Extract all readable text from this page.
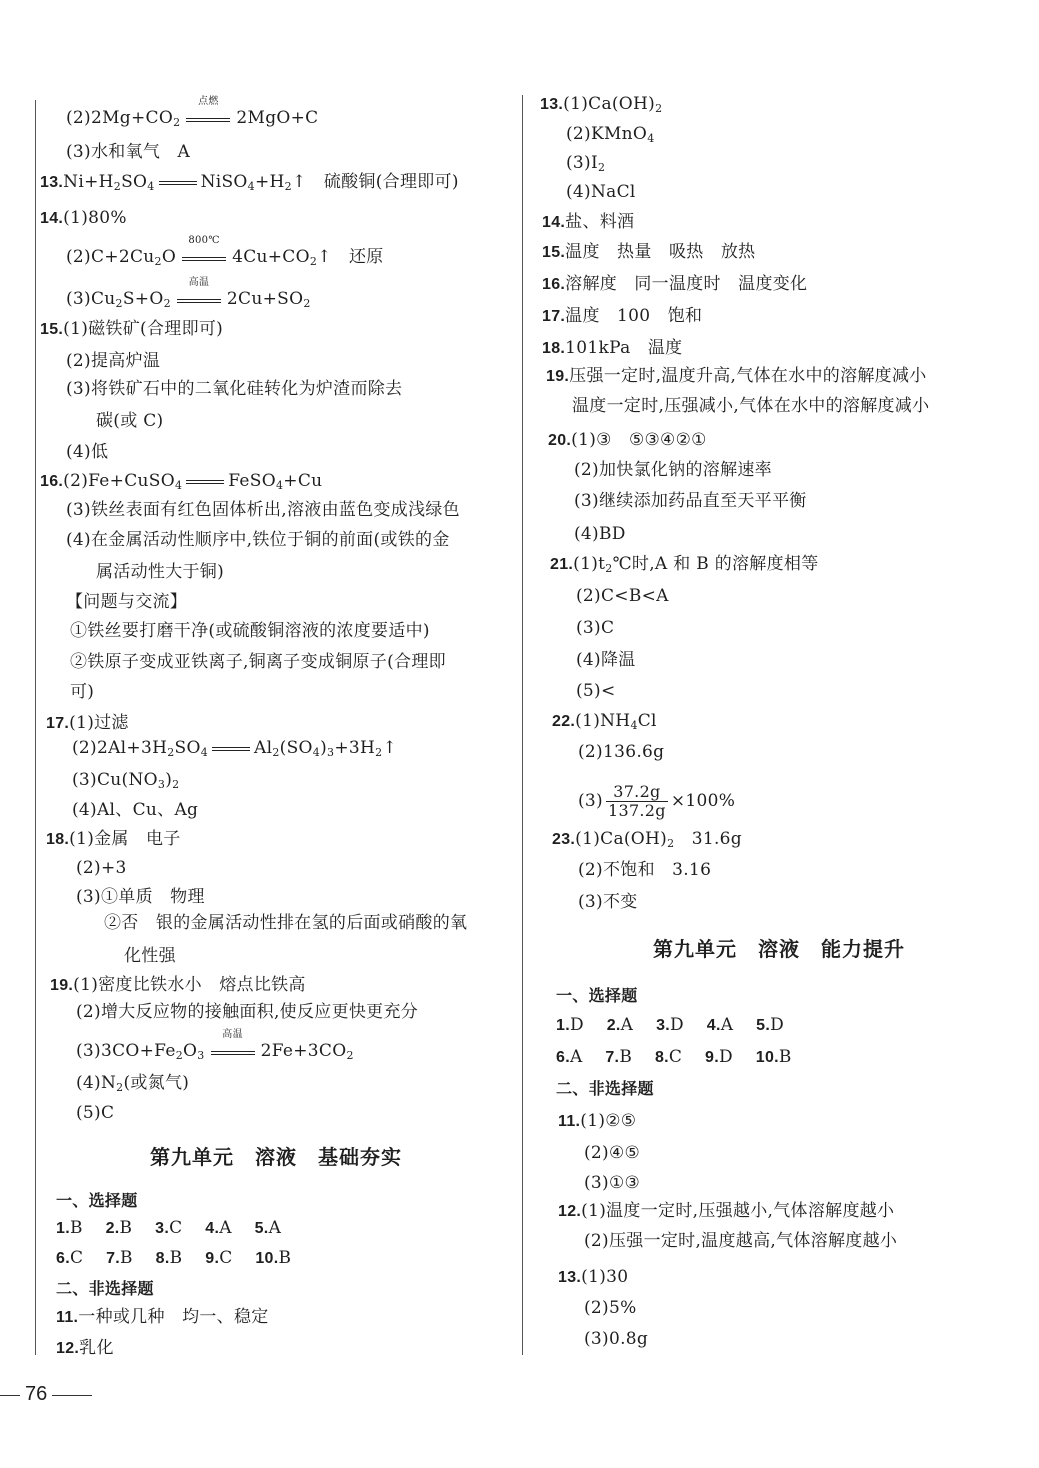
$(2)2Mg+CO_2$
点燃
2MgO+C
(3)水和氧气　A
$13.Ni+H_2SO_4$	$NiSO_4+H_2↑$　硫酸铜(合理即可)
14.(1)80%
$(2)C+2Cu_2O$
800℃
$4Cu+CO_2↑$　还原
$(3)Cu_2S+O_2$
高温
$2Cu+SO_2$
15.(1)磁铁矿(合理即可)
(2)提高炉温
(3)将铁矿石中的二氧化硅转化为炉渣而除去
碳(或 C)
(4)低
16.(2)Fe+CuSO$_4$	FeSO$_4$+Cu
(3)铁丝表面有红色固体析出,溶液由蓝色变成浅绿色
(4)在金属活动性顺序中,铁位于铜的前面(或铁的金
属活动性大于铜)
【问题与交流】
①铁丝要打磨干净(或硫酸铜溶液的浓度要适中)
②铁原子变成亚铁离子,铜离子变成铜原子(合理即
可)
17.(1)过滤
$(2)2Al+3H_2SO_4$	$Al_2(SO_4)_3+3H_2↑$
$(3)Cu(NO_3)_2$
(4)Al、Cu、Ag
18.(1)金属　电子
(2)+3
(3)①单质　物理
②否　银的金属活动性排在氢的后面或硝酸的氧
化性强
19.(1)密度比铁水小　熔点比铁高
(2)增大反应物的接触面积,使反应更快更充分
$(3)3CO+Fe_2O_3$
高温
$2Fe+3CO_2$
$(4)N_2$(或氮气)
(5)C
第九单元　溶液　基础夯实
一、选择题
1.B 2.B 3.C 4.A 5.A
6.C 7.B 8.B 9.C 10.B
二、非选择题
11.一种或几种　均一、稳定
12.乳化
$13.(1)Ca(OH)_2$
(2)KMnO$_4$
$(3)I_2$
(4)NaCl
14.盐、料酒
15.温度　热量　吸热　放热
16.溶解度　同一温度时　温度变化
17.温度　100　饱和
18.101kPa　温度
19.压强一定时,温度升高,气体在水中的溶解度减小
温度一定时,压强减小,气体在水中的溶解度减小
20.(1)③　⑤③④②①
(2)加快氯化钠的溶解速率
(3)继续添加药品直至天平平衡
(4)BD
$21.(1)t_2℃$时,A 和 B 的溶解度相等
(2)C<B<A
(3)C
(4)降温
(5)<
$22.(1)NH_4Cl$
(2)136.6g
$(3) \frac{37.2g}{137.2g} \times 100\%$
$23.(1)Ca(OH)_2$　31.6g
(2)不饱和　3.16
(3)不变
第九单元　溶液　能力提升
一、选择题
1.D 2.A 3.D 4.A 5.D
6.A 7.B 8.C 9.D 10.B
二、非选择题
11.(1)②⑤
(2)④⑤
(3)①③
12.(1)温度一定时,压强越小,气体溶解度越小
(2)压强一定时,温度越高,气体溶解度越小
13.(1)30
(2)5%
(3)0.8g
76
